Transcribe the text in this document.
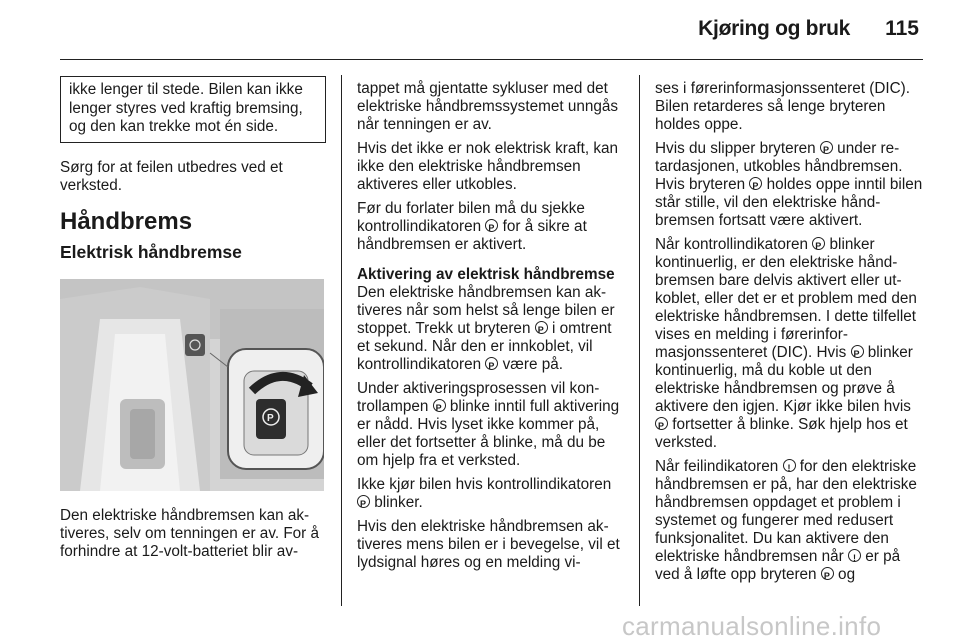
Kjøring og bruk 115
ikke lenger til stede. Bilen kan ikke lenger styres ved kraftig bremsing, og den kan trekke mot én side.
Sørg for at feilen utbedres ved et verksted.
Håndbrems
Elektrisk håndbremse
P
Den elektriske håndbremsen kan aktiveres, selv om tenningen er av. For å forhindre at 12-volt-batteriet blir av-
tappet må gjentatte sykluser med det elektriske håndbremssystemet unngås når tenningen er av.
Hvis det ikke er nok elektrisk kraft, kan ikke den elektriske håndbremsen aktiveres eller utkobles.
Før du forlater bilen må du sjekke kontrollindikatoren P for å sikre at håndbremsen er aktivert.
Aktivering av elektrisk håndbremse
Den elektriske håndbremsen kan aktiveres når som helst så lenge bilen er stoppet. Trekk ut bryteren P i omtrent et sekund. Når den er innkoblet, vil kontrollindikatoren P være på.
Under aktiveringsprosessen vil kontrollampen P blinke inntil full aktivering er nådd. Hvis lyset ikke kommer på, eller det fortsetter å blinke, må du be om hjelp fra et verksted.
Ikke kjør bilen hvis kontrollindikatoren P blinker.
Hvis den elektriske håndbremsen aktiveres mens bilen er i bevegelse, vil et lydsignal høres og en melding vi-
ses i førerinformasjonssenteret (DIC). Bilen retarderes så lenge bryteren holdes oppe.
Hvis du slipper bryteren P under retardasjonen, utkobles håndbremsen. Hvis bryteren P holdes oppe inntil bilen står stille, vil den elektriske håndbremsen fortsatt være aktivert.
Når kontrollindikatoren P blinker kontinuerlig, er den elektriske håndbremsen bare delvis aktivert eller utkoblet, eller det er et problem med den elektriske håndbremsen. I dette tilfellet vises en melding i førerinformasjonssenteret (DIC). Hvis P blinker kontinuerlig, må du koble ut den elektriske håndbremsen og prøve å aktivere den igjen. Kjør ikke bilen hvis P fortsetter å blinke. Søk hjelp hos et verksted.
Når feilindikatoren ! for den elektriske håndbremsen er på, har den elektriske håndbremsen oppdaget et problem i systemet og fungerer med redusert funksjonalitet. Du kan aktivere den elektriske håndbremsen når ! er på ved å løfte opp bryteren P og
carmanualsonline.info
